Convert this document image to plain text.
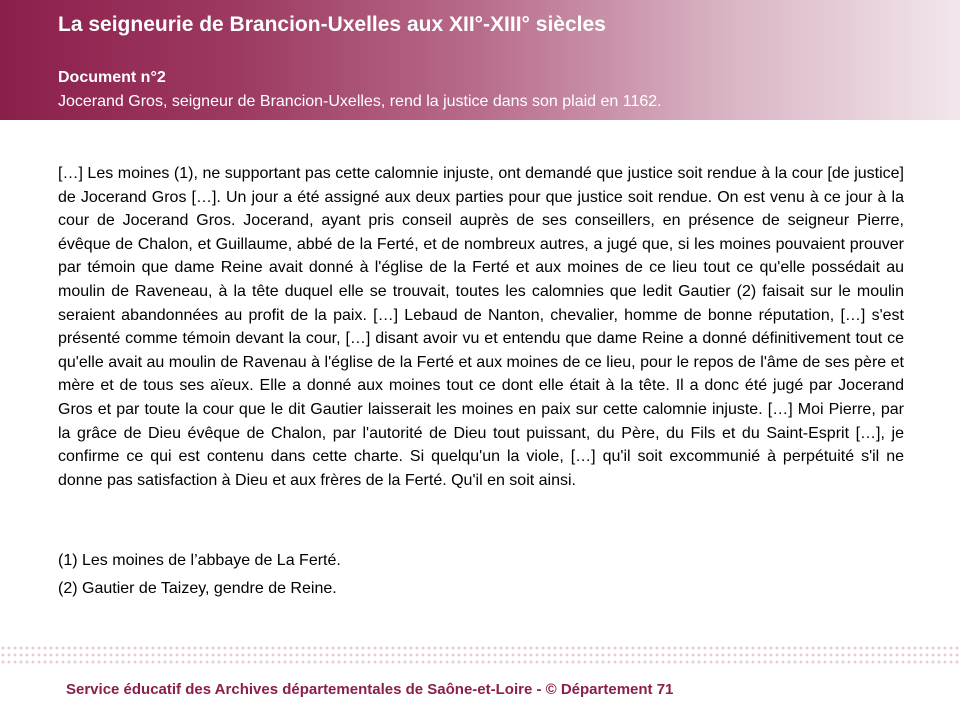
La seigneurie de Brancion-Uxelles aux XII°-XIII° siècles
Document n°2
Jocerand Gros, seigneur de Brancion-Uxelles, rend la justice dans son plaid en 1162.

[…] Les moines (1), ne supportant pas cette calomnie injuste, ont demandé que justice soit rendue à la cour [de justice] de Jocerand Gros […]. Un jour a été assigné aux deux parties pour que justice soit rendue. On est venu à ce jour à la cour de Jocerand Gros. Jocerand, ayant pris conseil auprès de ses conseillers, en présence de seigneur Pierre, évêque de Chalon, et Guillaume, abbé de la Ferté, et de nombreux autres, a jugé que, si les moines pouvaient prouver par témoin que dame Reine avait donné à l'église de la Ferté et aux moines de ce lieu tout ce qu'elle possédait au moulin de Raveneau, à la tête duquel elle se trouvait, toutes les calomnies que ledit Gautier (2) faisait sur le moulin seraient abandonnées au profit de la paix. […] Lebaud de Nanton, chevalier, homme de bonne réputation, […] s'est présenté comme témoin devant la cour, […] disant avoir vu et entendu que dame Reine a donné définitivement tout ce qu'elle avait au moulin de Ravenau à l'église de la Ferté et aux moines de ce lieu, pour le repos de l'âme de ses père et mère et de tous ses aïeux. Elle a donné aux moines tout ce dont elle était à la tête. Il a donc été jugé par Jocerand Gros et par toute la cour que le dit Gautier laisserait les moines en paix sur cette calomnie injuste. […] Moi Pierre, par la grâce de Dieu évêque de Chalon, par l'autorité de Dieu tout puissant, du Père, du Fils et du Saint-Esprit […], je confirme ce qui est contenu dans cette charte. Si quelqu'un la viole, […] qu'il soit excommunié à perpétuité s'il ne donne pas satisfaction à Dieu et aux frères de la Ferté. Qu'il en soit ainsi.

(1) Les moines de l’abbaye de La Ferté.

(2) Gautier de Taizey, gendre de Reine.

Service éducatif des Archives départementales de Saône-et-Loire - © Département 71
